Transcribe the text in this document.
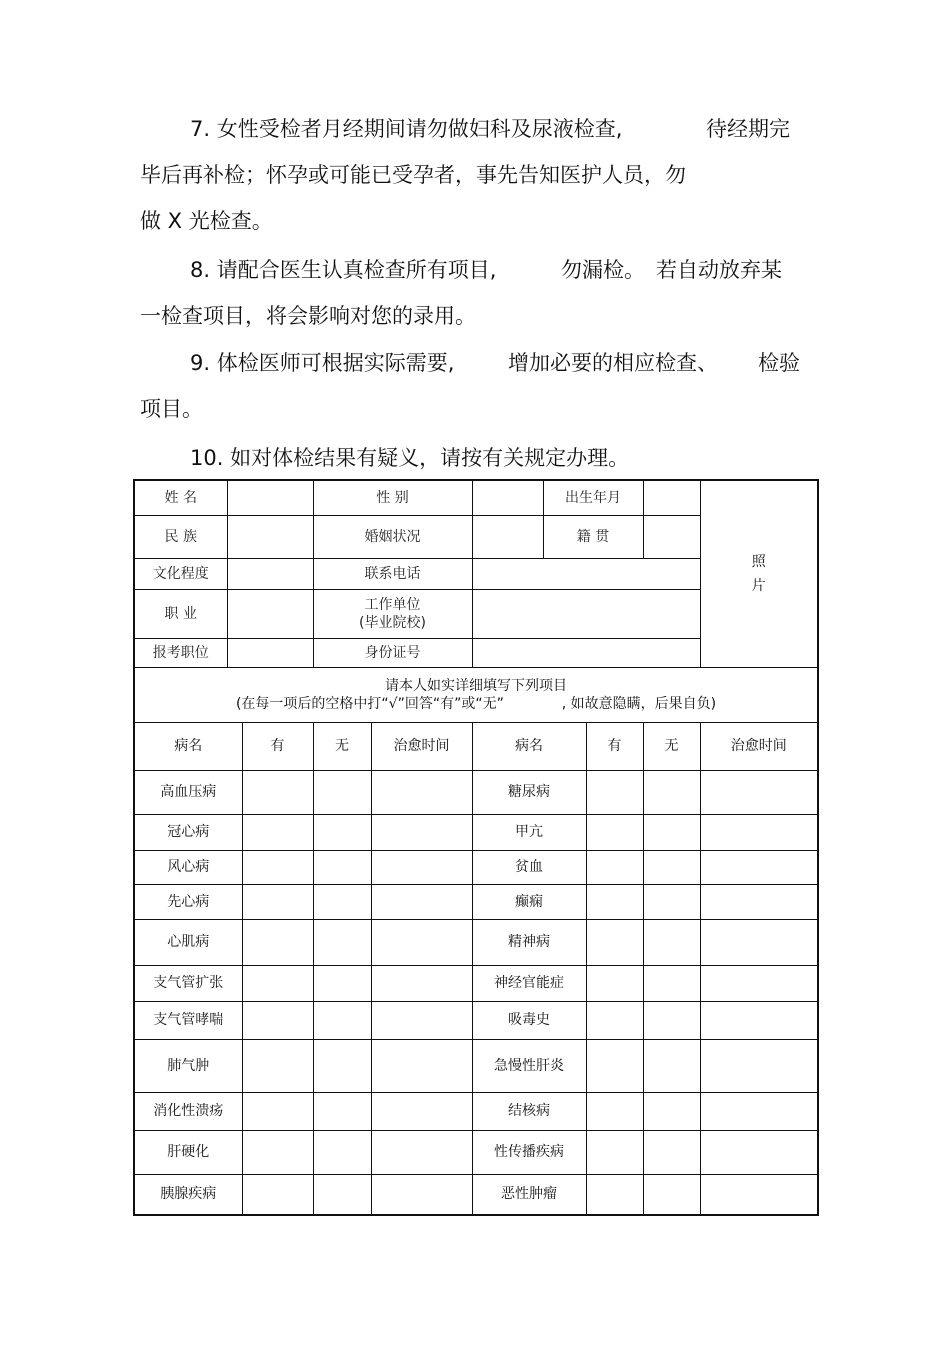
7. 女性受检者月经期间请勿做妇科及尿液检查,	待经期完
毕后再补检；怀孕或可能已受孕者，事先告知医护人员，勿
做 X 光检查。
8. 请配合医生认真检查所有项目,	勿漏检。 若自动放弃某
一检查项目，将会影响对您的录用。
9. 体检医师可根据实际需要,	增加必要的相应检查、 检验
项目。
10. 如对体检结果有疑义，请按有关规定办理。
姓 名			性 别			出生年月			照
片

民 族			婚姻状况			籍 贯			
文化程度			联系电话						
职 业			工作单位
(毕业院校)						

报考职位			身份证号						

请本人如实详细填写下列项目
(在每一项后的空格中打“√”回答“有”或“无”             , 如故意隐瞒，后果自负)									

病名		有	无	治愈时间	病名		有	无	治愈时间
高血压病					糖尿病				
冠心病					甲亢				
风心病					贫血				
先心病					癫痫				
心肌病					精神病				
支气管扩张					神经官能症				
支气管哮喘					吸毒史				
肺气肿					急慢性肝炎				
消化性溃疡					结核病				
肝硬化					性传播疾病				
胰腺疾病					恶性肿瘤				
